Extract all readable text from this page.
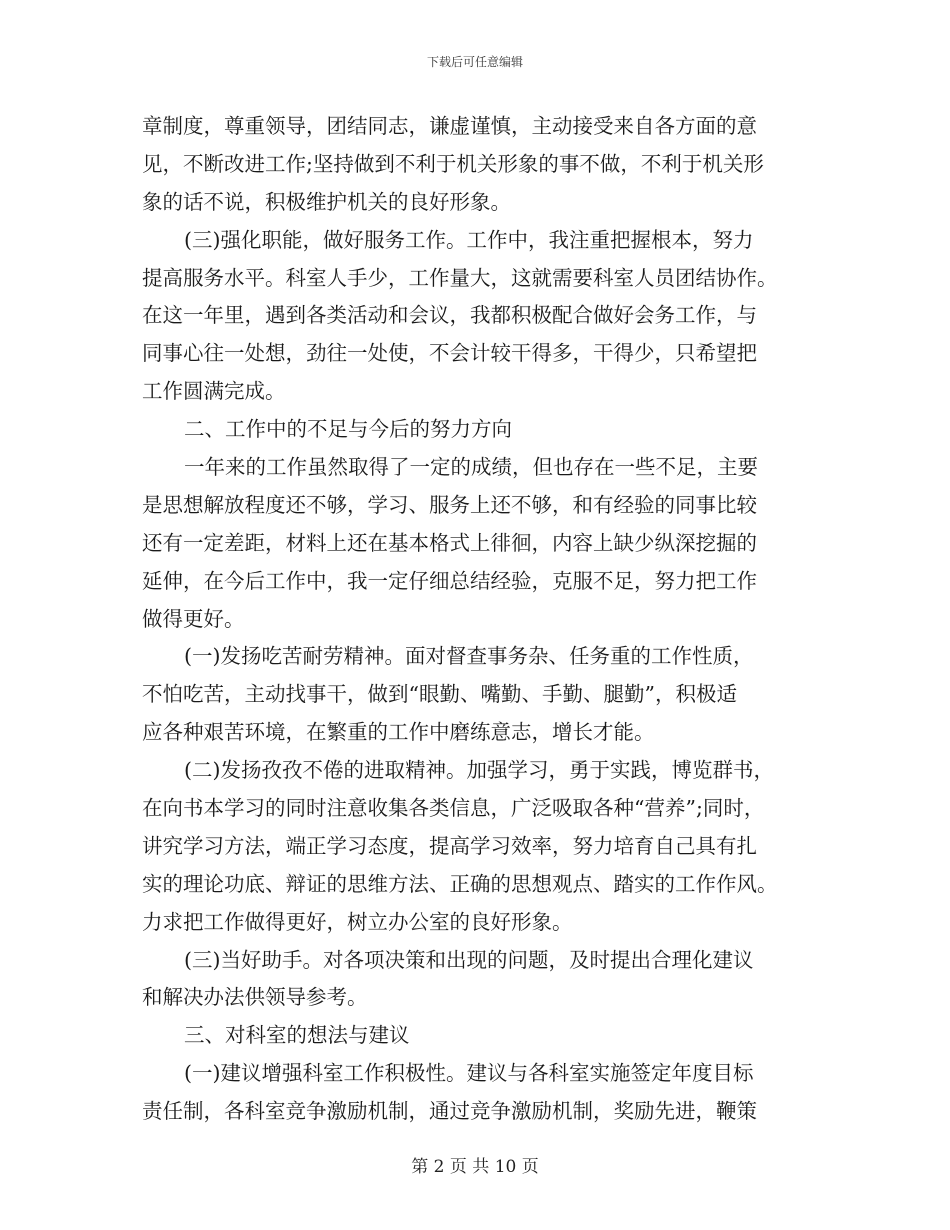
下载后可任意编辑
章制度，尊重领导，团结同志，谦虚谨慎，主动接受来自各方面的意
见，不断改进工作;坚持做到不利于机关形象的事不做，不利于机关形
象的话不说，积极维护机关的良好形象。
(三)强化职能，做好服务工作。工作中，我注重把握根本，努力
提高服务水平。科室人手少，工作量大，这就需要科室人员团结协作。
在这一年里，遇到各类活动和会议，我都积极配合做好会务工作，与
同事心往一处想，劲往一处使，不会计较干得多，干得少，只希望把
工作圆满完成。
二、工作中的不足与今后的努力方向
一年来的工作虽然取得了一定的成绩，但也存在一些不足，主要
是思想解放程度还不够，学习、服务上还不够，和有经验的同事比较
还有一定差距，材料上还在基本格式上徘徊，内容上缺少纵深挖掘的
延伸，在今后工作中，我一定仔细总结经验，克服不足，努力把工作
做得更好。
(一)发扬吃苦耐劳精神。面对督查事务杂、任务重的工作性质，
不怕吃苦，主动找事干，做到“眼勤、嘴勤、手勤、腿勤”，积极适
应各种艰苦环境，在繁重的工作中磨练意志，增长才能。
(二)发扬孜孜不倦的进取精神。加强学习，勇于实践，博览群书，
在向书本学习的同时注意收集各类信息，广泛吸取各种“营养”;同时，
讲究学习方法，端正学习态度，提高学习效率，努力培育自己具有扎
实的理论功底、辩证的思维方法、正确的思想观点、踏实的工作作风。
力求把工作做得更好，树立办公室的良好形象。
(三)当好助手。对各项决策和出现的问题，及时提出合理化建议
和解决办法供领导参考。
三、对科室的想法与建议
(一)建议增强科室工作积极性。建议与各科室实施签定年度目标
责任制，各科室竞争激励机制，通过竞争激励机制，奖励先进，鞭策
第 2 页 共 10 页
